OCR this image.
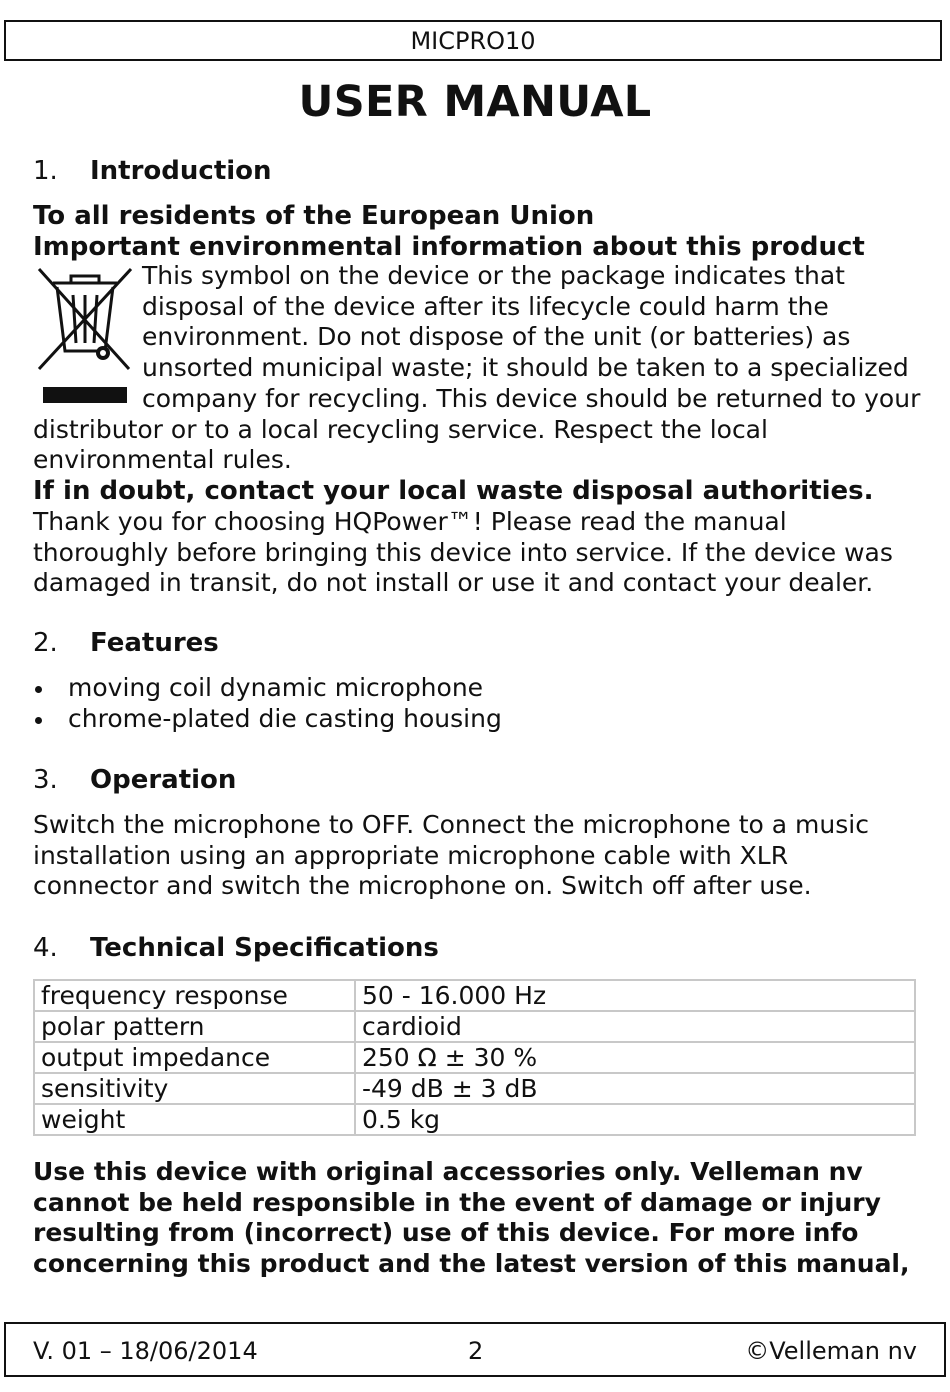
MICPRO10
USER MANUAL
1. Introduction
To all residents of the European Union
Important environmental information about this product
This symbol on the device or the package indicates that disposal of the device after its lifecycle could harm the environment. Do not dispose of the unit (or batteries) as unsorted municipal waste; it should be taken to a specialized company for recycling. This device should be returned to your distributor or to a local recycling service. Respect the local environmental rules.
If in doubt, contact your local waste disposal authorities.
Thank you for choosing HQPower™! Please read the manual
thoroughly before bringing this device into service. If the device was
damaged in transit, do not install or use it and contact your dealer.
2. Features
moving coil dynamic microphone
chrome-plated die casting housing
3. Operation
Switch the microphone to OFF. Connect the microphone to a music
installation using an appropriate microphone cable with XLR
connector and switch the microphone on. Switch off after use.
4. Technical Specifications
frequency response	50 - 16.000 Hz
polar pattern	cardioid
output impedance	250 Ω ± 30 %
sensitivity	-49 dB ± 3 dB
weight	0.5 kg
Use this device with original accessories only. Velleman nv
cannot be held responsible in the event of damage or injury
resulting from (incorrect) use of this device. For more info
concerning this product and the latest version of this manual,
V. 01 – 18/06/2014	2	©Velleman nv
